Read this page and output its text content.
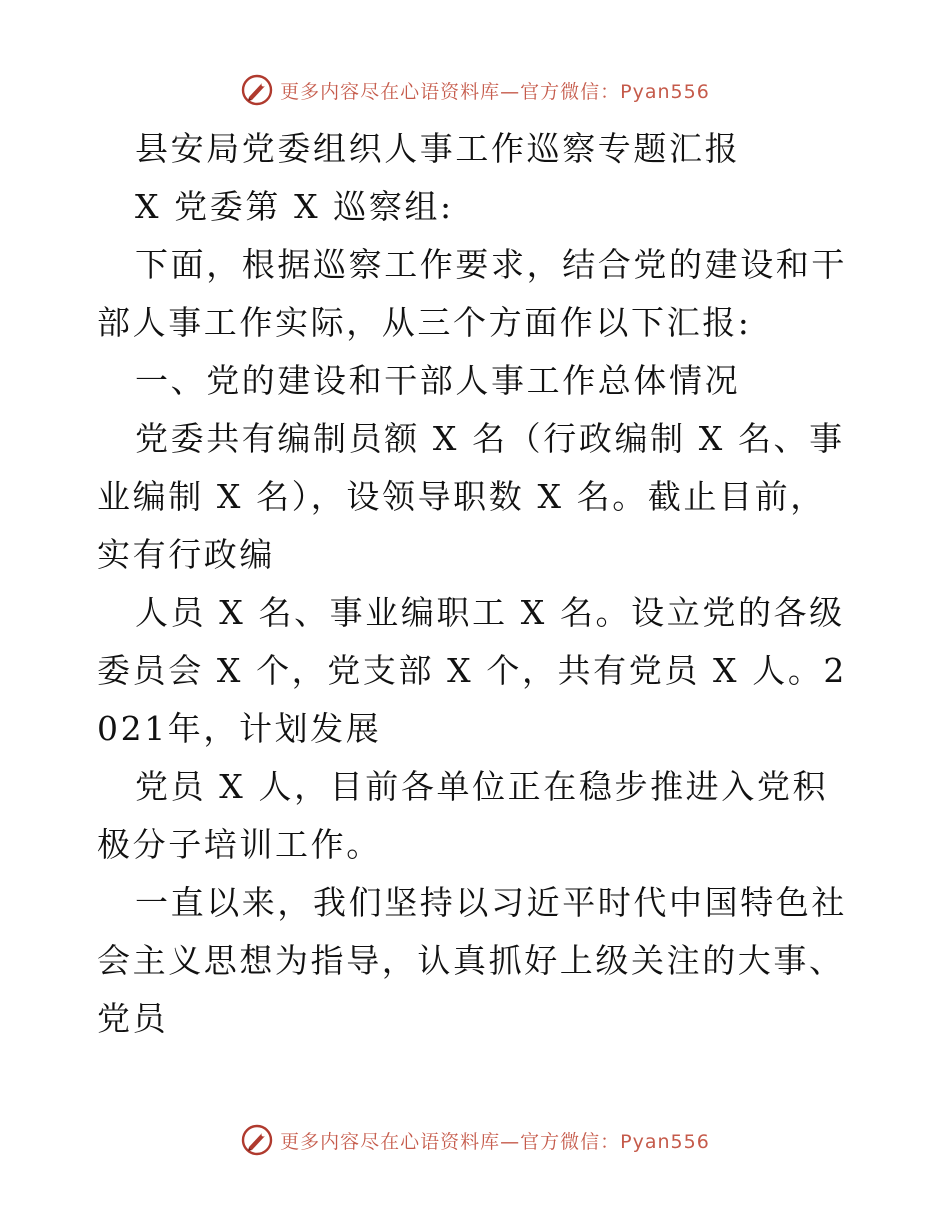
更多内容尽在心语资料库—官方微信：Pyan556

县安局党委组织人事工作巡察专题汇报

X 党委第 X 巡察组:

下面，根据巡察工作要求，结合党的建设和干部人事工作实际，从三个方面作以下汇报:

一、党的建设和干部人事工作总体情况

党委共有编制员额 X 名（行政编制 X 名、事业编制 X 名），设领导职数 X 名。截止目前，实有行政编

人员 X 名、事业编职工 X 名。设立党的各级委员会 X 个，党支部 X 个，共有党员 X 人。2021年，计划发展

党员 X 人，目前各单位正在稳步推进入党积极分子培训工作。

一直以来，我们坚持以习近平时代中国特色社会主义思想为指导，认真抓好上级关注的大事、党员

更多内容尽在心语资料库—官方微信：Pyan556
